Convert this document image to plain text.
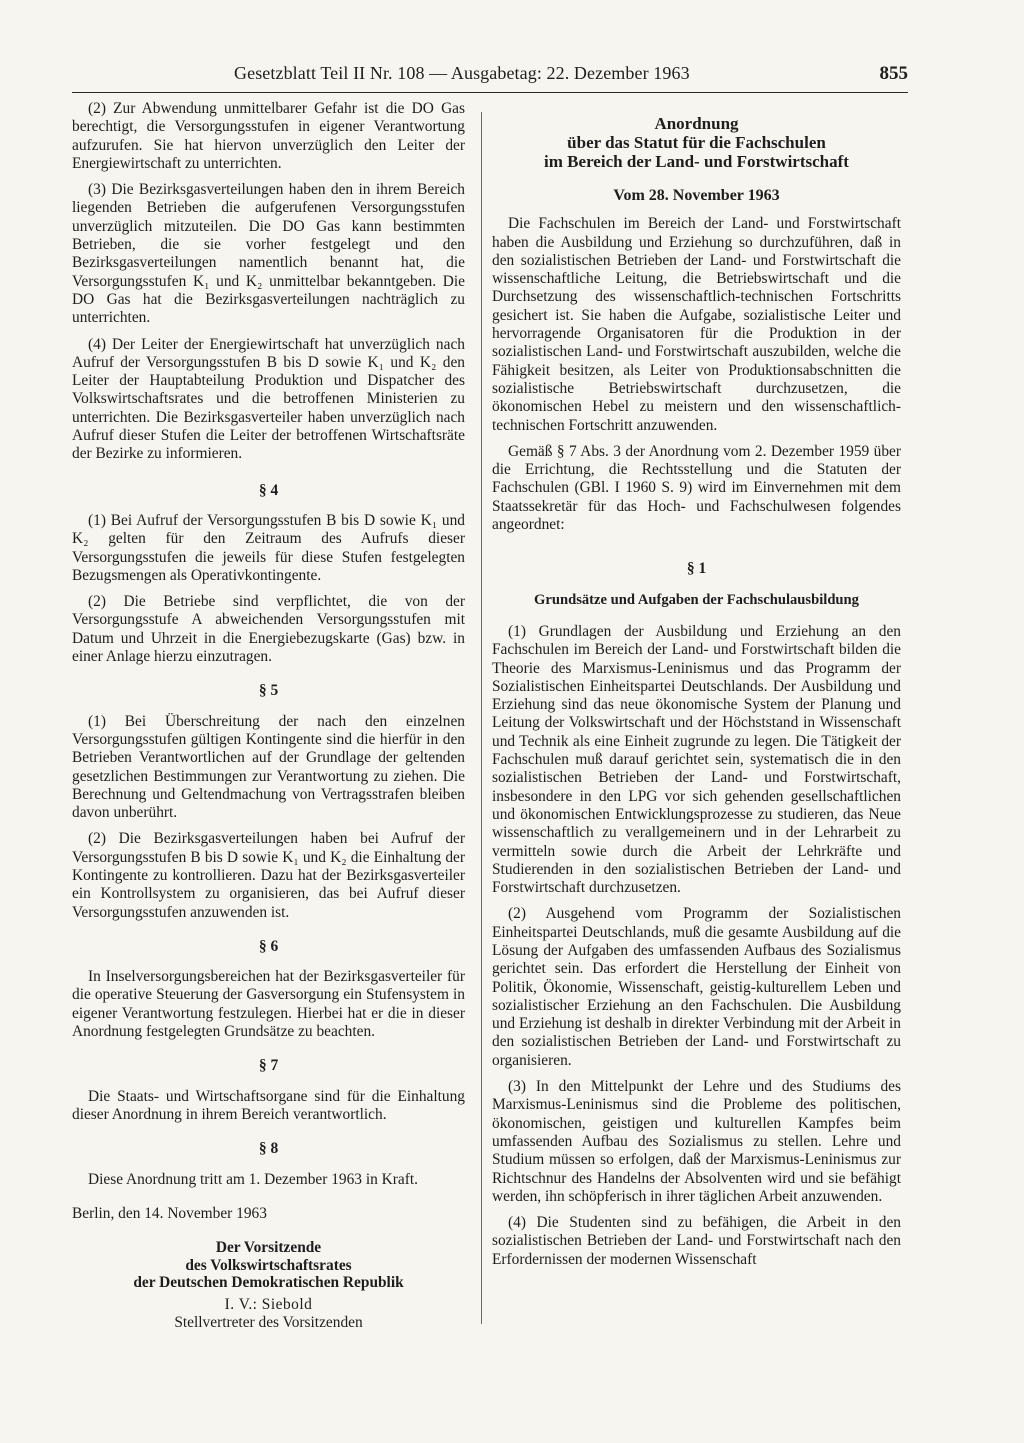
Gesetzblatt Teil II Nr. 108 — Ausgabetag: 22. Dezember 1963	855

(2) Zur Abwendung unmittelbarer Gefahr ist die DO Gas berechtigt, die Versorgungsstufen in eigener Verantwortung aufzurufen. Sie hat hiervon unverzüglich den Leiter der Energiewirtschaft zu unterrichten.

(3) Die Bezirksgasverteilungen haben den in ihrem Bereich liegenden Betrieben die aufgerufenen Versorgungsstufen unverzüglich mitzuteilen. Die DO Gas kann bestimmten Betrieben, die sie vorher festgelegt und den Bezirksgasverteilungen namentlich benannt hat, die Versorgungsstufen K₁ und K₂ unmittelbar bekanntgeben. Die DO Gas hat die Bezirksgasverteilungen nachträglich zu unterrichten.

(4) Der Leiter der Energiewirtschaft hat unverzüglich nach Aufruf der Versorgungsstufen B bis D sowie K₁ und K₂ den Leiter der Hauptabteilung Produktion und Dispatcher des Volkswirtschaftsrates und die betroffenen Ministerien zu unterrichten. Die Bezirksgasverteiler haben unverzüglich nach Aufruf dieser Stufen die Leiter der betroffenen Wirtschaftsräte der Bezirke zu informieren.

§ 4

(1) Bei Aufruf der Versorgungsstufen B bis D sowie K₁ und K₂ gelten für den Zeitraum des Aufrufs dieser Versorgungsstufen die jeweils für diese Stufen festgelegten Bezugsmengen als Operativkontingente.

(2) Die Betriebe sind verpflichtet, die von der Versorgungsstufe A abweichenden Versorgungsstufen mit Datum und Uhrzeit in die Energiebezugskarte (Gas) bzw. in einer Anlage hierzu einzutragen.

§ 5

(1) Bei Überschreitung der nach den einzelnen Versorgungsstufen gültigen Kontingente sind die hierfür in den Betrieben Verantwortlichen auf der Grundlage der geltenden gesetzlichen Bestimmungen zur Verantwortung zu ziehen. Die Berechnung und Geltendmachung von Vertragsstrafen bleiben davon unberührt.

(2) Die Bezirksgasverteilungen haben bei Aufruf der Versorgungsstufen B bis D sowie K₁ und K₂ die Einhaltung der Kontingente zu kontrollieren. Dazu hat der Bezirksgasverteiler ein Kontrollsystem zu organisieren, das bei Aufruf dieser Versorgungsstufen anzuwenden ist.

§ 6

In Inselversorgungsbereichen hat der Bezirksgasverteiler für die operative Steuerung der Gasversorgung ein Stufensystem in eigener Verantwortung festzulegen. Hierbei hat er die in dieser Anordnung festgelegten Grundsätze zu beachten.

§ 7

Die Staats- und Wirtschaftsorgane sind für die Einhaltung dieser Anordnung in ihrem Bereich verantwortlich.

§ 8

Diese Anordnung tritt am 1. Dezember 1963 in Kraft.

Berlin, den 14. November 1963

Der Vorsitzende
des Volkswirtschaftsrates
der Deutschen Demokratischen Republik
I. V.: Siebold
Stellvertreter des Vorsitzenden
Anordnung
über das Statut für die Fachschulen
im Bereich der Land- und Forstwirtschaft
Vom 28. November 1963

Die Fachschulen im Bereich der Land- und Forstwirtschaft haben die Ausbildung und Erziehung so durchzuführen, daß in den sozialistischen Betrieben der Land- und Forstwirtschaft die wissenschaftliche Leitung, die Betriebswirtschaft und die Durchsetzung des wissenschaftlich-technischen Fortschritts gesichert ist. Sie haben die Aufgabe, sozialistische Leiter und hervorragende Organisatoren für die Produktion in der sozialistischen Land- und Forstwirtschaft auszubilden, welche die Fähigkeit besitzen, als Leiter von Produktionsabschnitten die sozialistische Betriebswirtschaft durchzusetzen, die ökonomischen Hebel zu meistern und den wissenschaftlich-technischen Fortschritt anzuwenden.

Gemäß § 7 Abs. 3 der Anordnung vom 2. Dezember 1959 über die Errichtung, die Rechtsstellung und die Statuten der Fachschulen (GBl. I 1960 S. 9) wird im Einvernehmen mit dem Staatssekretär für das Hoch- und Fachschulwesen folgendes angeordnet:

§ 1
Grundsätze und Aufgaben der Fachschulausbildung

(1) Grundlagen der Ausbildung und Erziehung an den Fachschulen im Bereich der Land- und Forstwirtschaft bilden die Theorie des Marxismus-Leninismus und das Programm der Sozialistischen Einheitspartei Deutschlands. Der Ausbildung und Erziehung sind das neue ökonomische System der Planung und Leitung der Volkswirtschaft und der Höchststand in Wissenschaft und Technik als eine Einheit zugrunde zu legen. Die Tätigkeit der Fachschulen muß darauf gerichtet sein, systematisch die in den sozialistischen Betrieben der Land- und Forstwirtschaft, insbesondere in den LPG vor sich gehenden gesellschaftlichen und ökonomischen Entwicklungsprozesse zu studieren, das Neue wissenschaftlich zu verallgemeinern und in der Lehrarbeit zu vermitteln sowie durch die Arbeit der Lehrkräfte und Studierenden in den sozialistischen Betrieben der Land- und Forstwirtschaft durchzusetzen.

(2) Ausgehend vom Programm der Sozialistischen Einheitspartei Deutschlands, muß die gesamte Ausbildung auf die Lösung der Aufgaben des umfassenden Aufbaus des Sozialismus gerichtet sein. Das erfordert die Herstellung der Einheit von Politik, Ökonomie, Wissenschaft, geistig-kulturellem Leben und sozialistischer Erziehung an den Fachschulen. Die Ausbildung und Erziehung ist deshalb in direkter Verbindung mit der Arbeit in den sozialistischen Betrieben der Land- und Forstwirtschaft zu organisieren.

(3) In den Mittelpunkt der Lehre und des Studiums des Marxismus-Leninismus sind die Probleme des politischen, ökonomischen, geistigen und kulturellen Kampfes beim umfassenden Aufbau des Sozialismus zu stellen. Lehre und Studium müssen so erfolgen, daß der Marxismus-Leninismus zur Richtschnur des Handelns der Absolventen wird und sie befähigt werden, ihn schöpferisch in ihrer täglichen Arbeit anzuwenden.

(4) Die Studenten sind zu befähigen, die Arbeit in den sozialistischen Betrieben der Land- und Forstwirtschaft nach den Erfordernissen der modernen Wissenschaft
